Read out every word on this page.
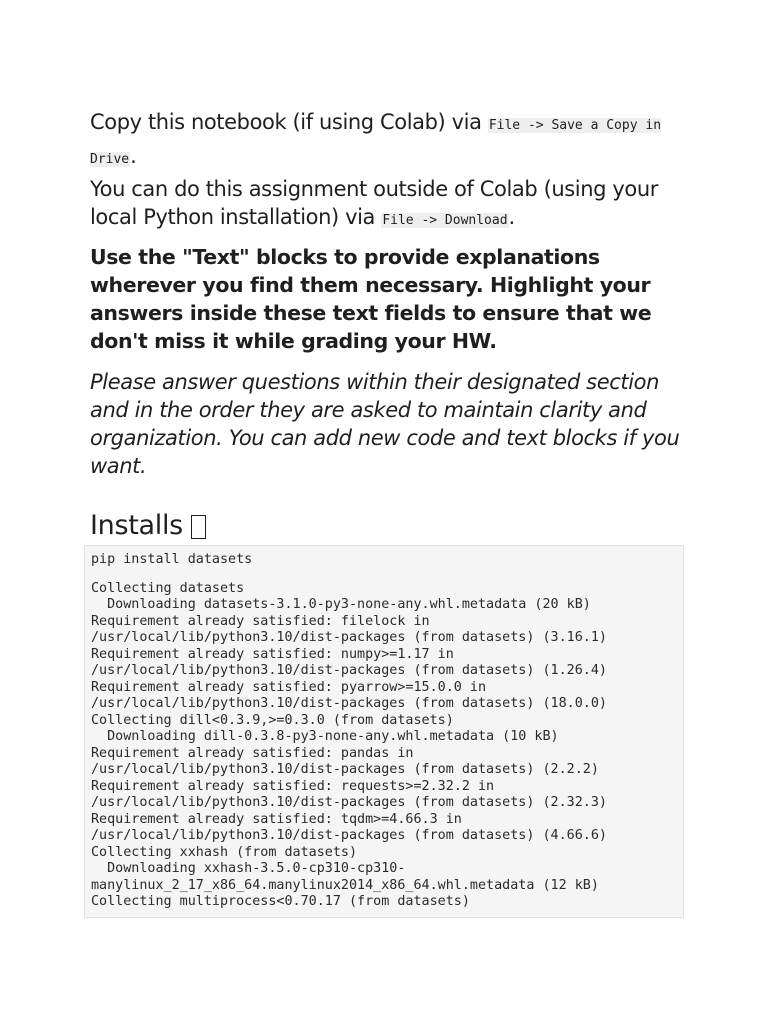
Copy this notebook (if using Colab) via File -> Save a Copy in Drive.

You can do this assignment outside of Colab (using your local Python installation) via File -> Download.

Use the "Text" blocks to provide explanations wherever you find them necessary. Highlight your answers inside these text fields to ensure that we don't miss it while grading your HW.

Please answer questions within their designated section and in the order they are asked to maintain clarity and organization. You can add new code and text blocks if you want.

Installs
pip install datasets
Collecting datasets
Downloading datasets-3.1.0-py3-none-any.whl.metadata (20 kB)
Requirement already satisfied: filelock in
/usr/local/lib/python3.10/dist-packages (from datasets) (3.16.1)
Requirement already satisfied: numpy>=1.17 in
/usr/local/lib/python3.10/dist-packages (from datasets) (1.26.4)
Requirement already satisfied: pyarrow>=15.0.0 in
/usr/local/lib/python3.10/dist-packages (from datasets) (18.0.0)
Collecting dill<0.3.9,>=0.3.0 (from datasets)
Downloading dill-0.3.8-py3-none-any.whl.metadata (10 kB)
Requirement already satisfied: pandas in
/usr/local/lib/python3.10/dist-packages (from datasets) (2.2.2)
Requirement already satisfied: requests>=2.32.2 in
/usr/local/lib/python3.10/dist-packages (from datasets) (2.32.3)
Requirement already satisfied: tqdm>=4.66.3 in
/usr/local/lib/python3.10/dist-packages (from datasets) (4.66.6)
Collecting xxhash (from datasets)
Downloading xxhash-3.5.0-cp310-cp310-
manylinux_2_17_x86_64.manylinux2014_x86_64.whl.metadata (12 kB)
Collecting multiprocess<0.70.17 (from datasets)
